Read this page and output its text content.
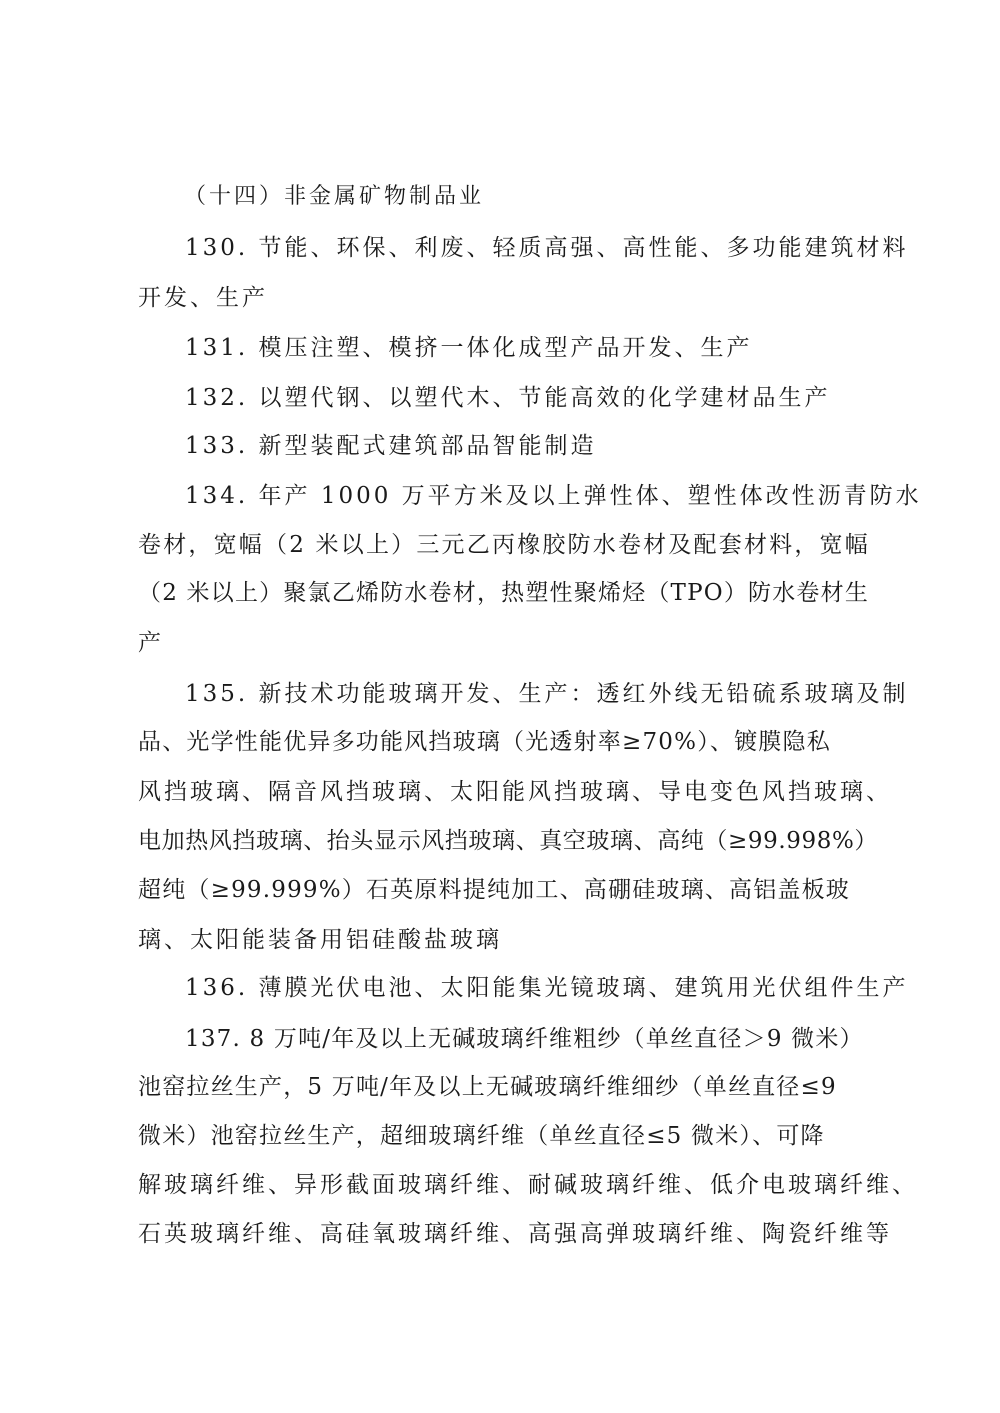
（十四）非金属矿物制品业
130. 节能、环保、利废、轻质高强、高性能、多功能建筑材料
开发、生产
131. 模压注塑、模挤一体化成型产品开发、生产
132. 以塑代钢、以塑代木、节能高效的化学建材品生产
133. 新型装配式建筑部品智能制造
134. 年产 1000 万平方米及以上弹性体、塑性体改性沥青防水
卷材，宽幅（2 米以上）三元乙丙橡胶防水卷材及配套材料，宽幅
（2 米以上）聚氯乙烯防水卷材，热塑性聚烯烃（TPO）防水卷材生
产
135. 新技术功能玻璃开发、生产：透红外线无铅硫系玻璃及制
品、光学性能优异多功能风挡玻璃（光透射率≥70%）、镀膜隐私
风挡玻璃、隔音风挡玻璃、太阳能风挡玻璃、导电变色风挡玻璃、
电加热风挡玻璃、抬头显示风挡玻璃、真空玻璃、高纯（≥99.998%）
超纯（≥99.999%）石英原料提纯加工、高硼硅玻璃、高铝盖板玻
璃、太阳能装备用铝硅酸盐玻璃
136. 薄膜光伏电池、太阳能集光镜玻璃、建筑用光伏组件生产
137. 8 万吨/年及以上无碱玻璃纤维粗纱（单丝直径＞9 微米）
池窑拉丝生产，5 万吨/年及以上无碱玻璃纤维细纱（单丝直径≤9
微米）池窑拉丝生产，超细玻璃纤维（单丝直径≤5 微米）、可降
解玻璃纤维、异形截面玻璃纤维、耐碱玻璃纤维、低介电玻璃纤维、
石英玻璃纤维、高硅氧玻璃纤维、高强高弹玻璃纤维、陶瓷纤维等
